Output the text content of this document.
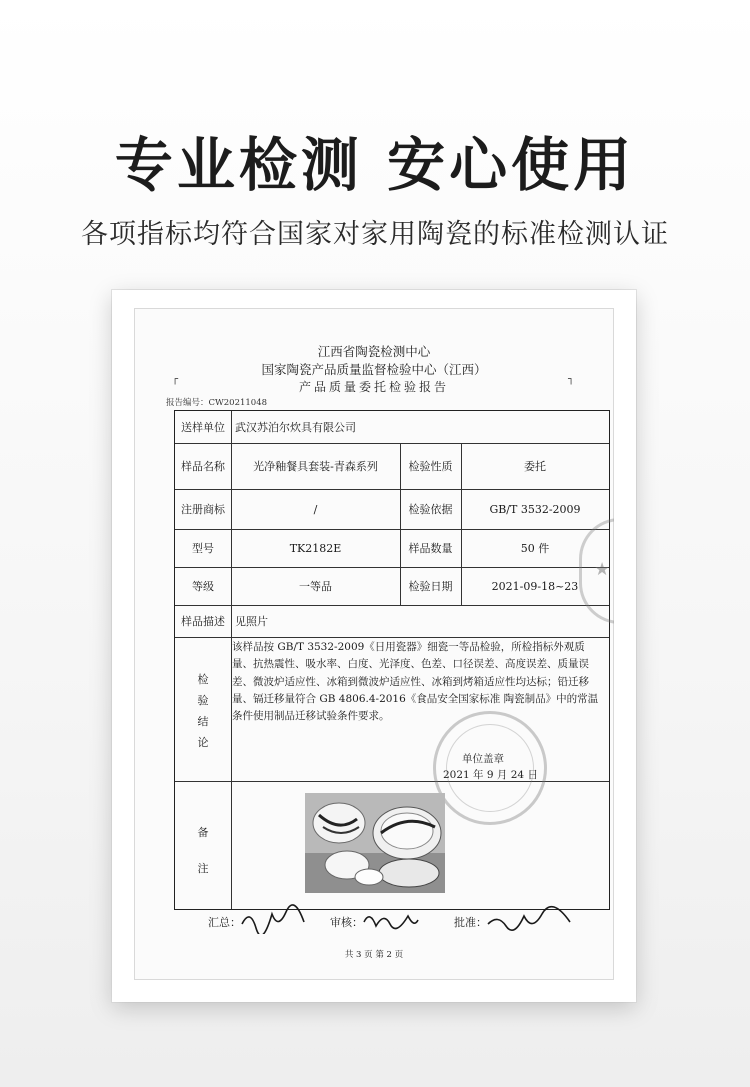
专业检测 安心使用
各项指标均符合国家对家用陶瓷的标准检测认证
江西省陶瓷检测中心
国家陶瓷产品质量监督检验中心（江西）
产品质量委托检验报告
┌	┐
报告编号：CW20211048
送样单位 武汉苏泊尔炊具有限公司
样品名称	光净釉餐具套装-青森系列	检验性质	委托
注册商标	/	检验依据	GB/T 3532-2009
型号	TK2182E	样品数量	50 件
等级	一等品	检验日期	2021-09-18~23
样品描述 见照片
检验结论
该样品按 GB/T 3532-2009《日用瓷器》细瓷一等品检验，所检指标外观质量、抗热震性、吸水率、白度、光泽度、色差、口径误差、高度误差、质量误差、微波炉适应性、冰箱到微波炉适应性、冰箱到烤箱适应性均达标；铅迁移量、镉迁移量符合 GB 4806.4-2016《食品安全国家标准 陶瓷制品》中的常温条件使用制品迁移试验条件要求。
单位盖章
2021 年 9 月 24 日
备注
★
汇总：	审核：	批准：
共 3 页 第 2 页
